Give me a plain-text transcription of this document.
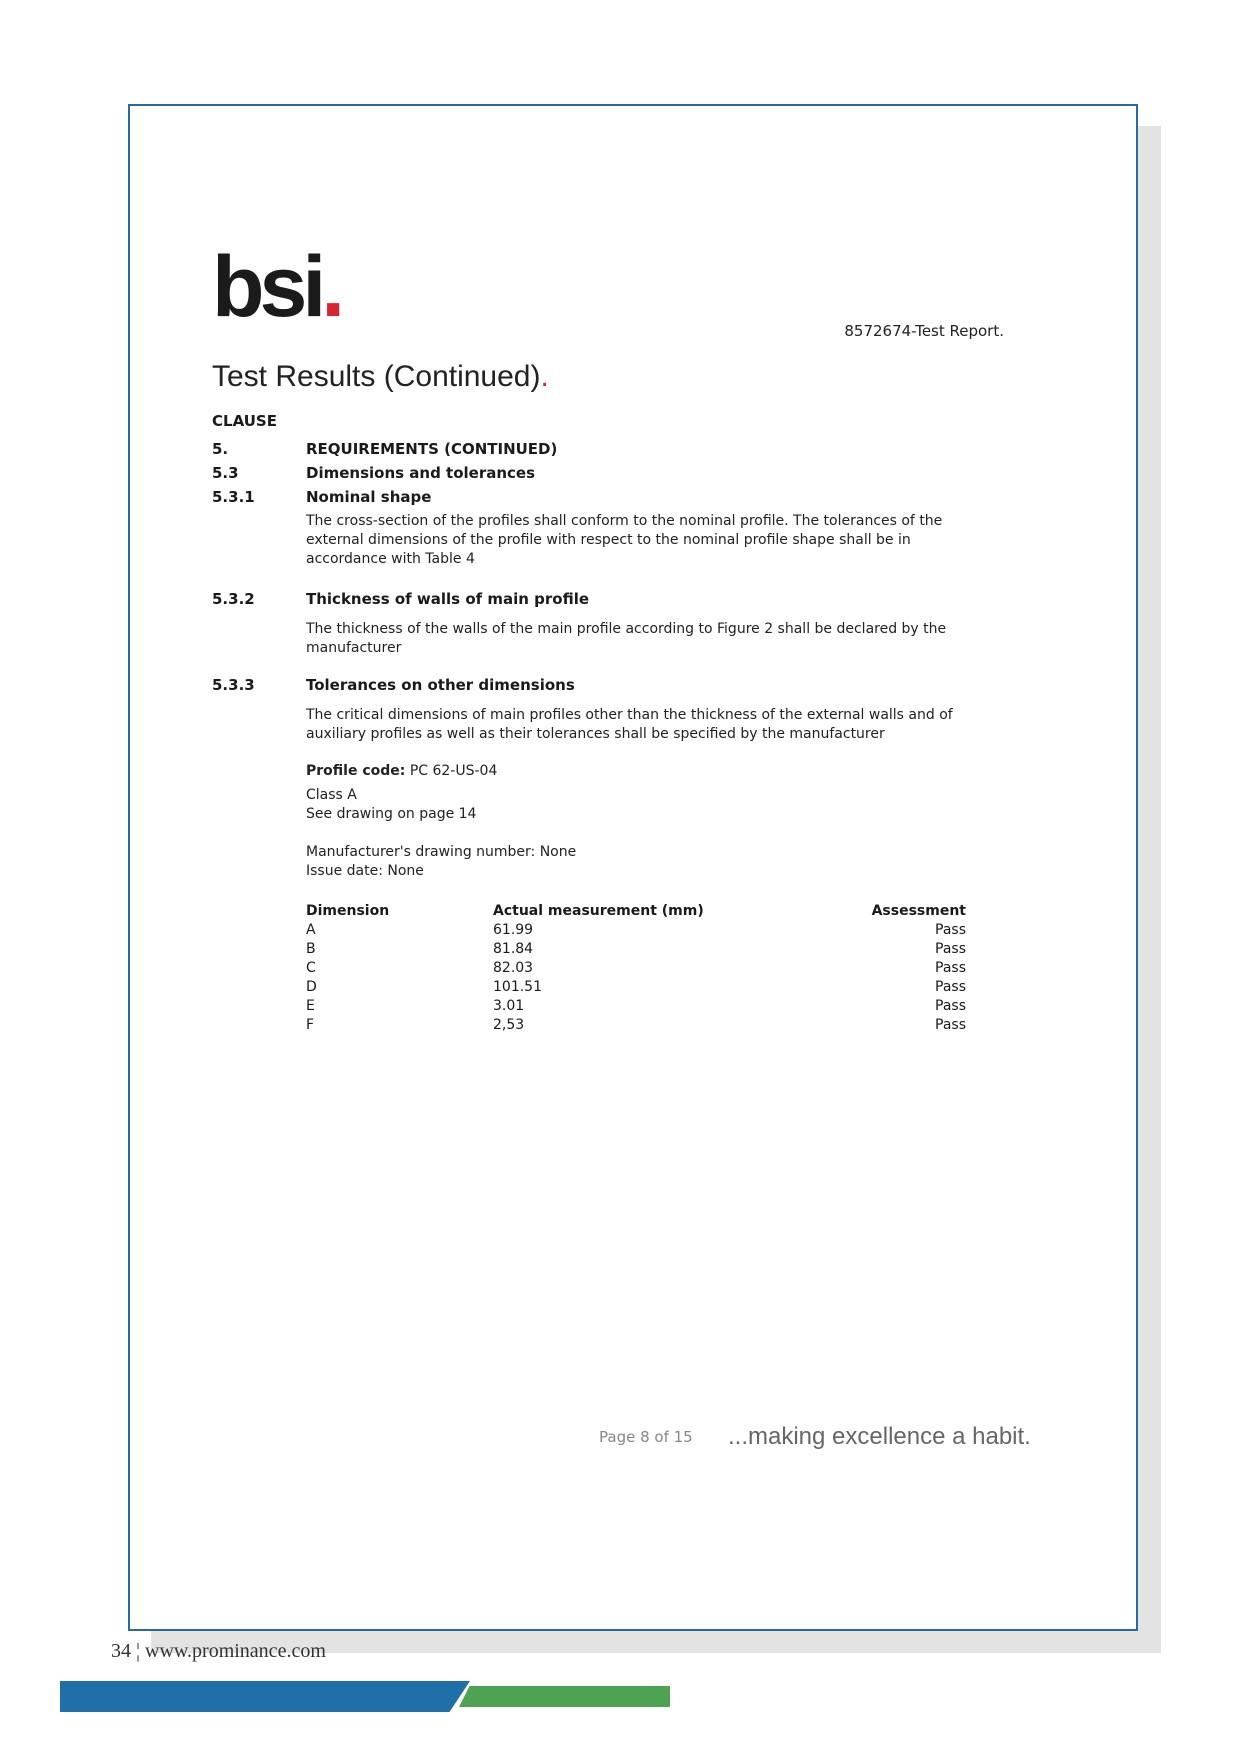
bsi.	8572674-Test Report.
Test Results (Continued).
CLAUSE
5.	REQUIREMENTS (CONTINUED)
5.3	Dimensions and tolerances
5.3.1	Nominal shape
The cross-section of the profiles shall conform to the nominal profile. The tolerances of the external dimensions of the profile with respect to the nominal profile shape shall be in accordance with Table 4
5.3.2	Thickness of walls of main profile
The thickness of the walls of the main profile according to Figure 2 shall be declared by the manufacturer
5.3.3	Tolerances on other dimensions
The critical dimensions of main profiles other than the thickness of the external walls and of auxiliary profiles as well as their tolerances shall be specified by the manufacturer
Profile code: PC 62-US-04
Class A
See drawing on page 14
Manufacturer's drawing number: None
Issue date: None
Dimension	Actual measurement (mm)	Assessment
A	61.99	Pass
B	81.84	Pass
C	82.03	Pass
D	101.51	Pass
E	3.01	Pass
F	2,53	Pass
Page 8 of 15 ...making excellence a habit.
34 ¦ www.prominance.com
